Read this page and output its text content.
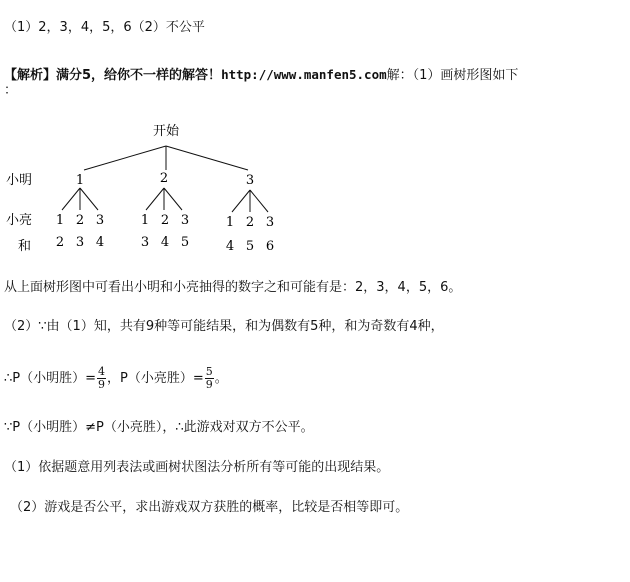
（1）2，3，4，5，6（2）不公平
【解析】满分5，给你不一样的解答！http://www.manfen5.com解：（1）画树形图如下
：
开始
小明
小亮
和
1	2	3
1 2 3	1 2 3	1 2 3
2 3 4	3 4 5	4 5 6
从上面树形图中可看出小明和小亮抽得的数字之和可能有是：2，3，4，5，6。
（2）∵由（1）知，共有9种等可能结果，和为偶数有5种，和为奇数有4种，
∴P（小明胜）= $\frac{4}{9}$ ，P（小亮胜）= $\frac{5}{9}$ 。
∵P（小明胜）≠P（小亮胜），∴此游戏对双方不公平。
（1）依据题意用列表法或画树状图法分析所有等可能的出现结果。
（2）游戏是否公平，求出游戏双方获胜的概率，比较是否相等即可。
